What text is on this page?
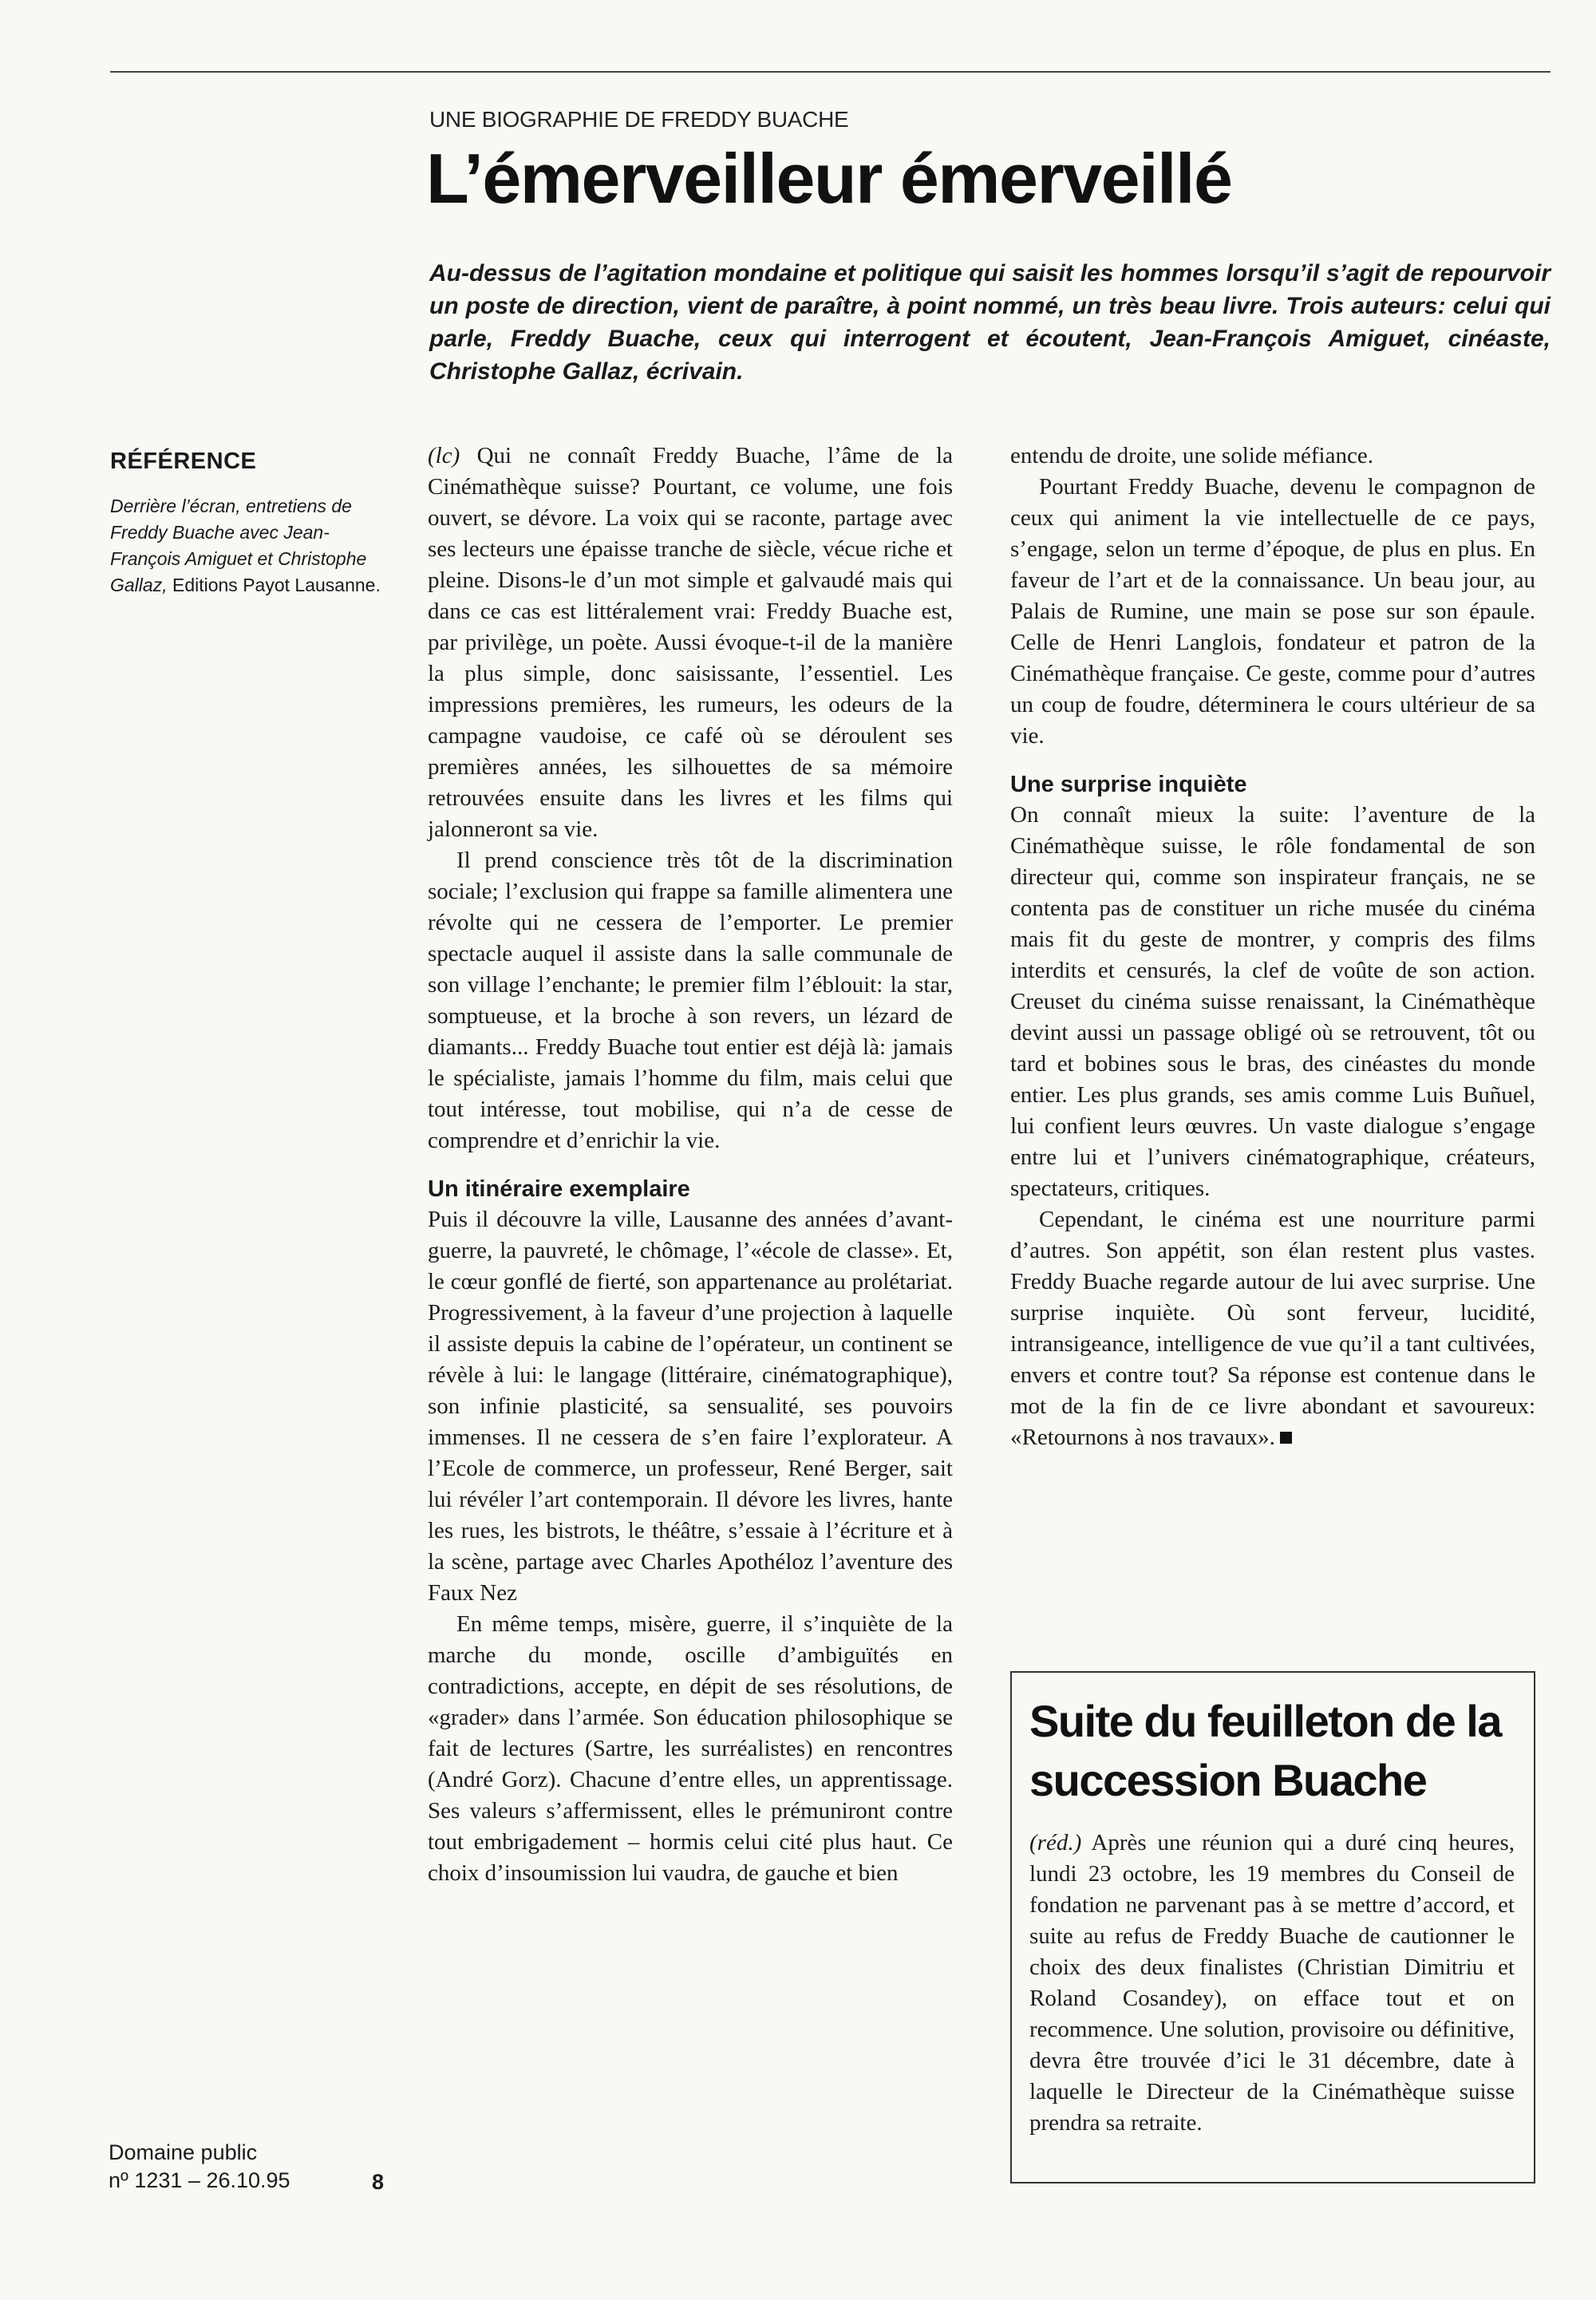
UNE BIOGRAPHIE DE FREDDY BUACHE
L’émerveilleur émerveillé

Au-dessus de l’agitation mondaine et politique qui saisit les hommes lorsqu’il s’agit de repourvoir un poste de direction, vient de paraître, à point nommé, un très beau livre. Trois auteurs: celui qui parle, Freddy Buache, ceux qui interrogent et écoutent, Jean-François Amiguet, cinéaste, Christophe Gallaz, écrivain.

RÉFÉRENCE
Derrière l’écran, entretiens de Freddy Buache avec Jean-François Amiguet et Christophe Gallaz, Editions Payot Lausanne.

(lc) Qui ne connaît Freddy Buache, l’âme de la Cinémathèque suisse? Pourtant, ce volume, une fois ouvert, se dévore. La voix qui se raconte, partage avec ses lecteurs une épaisse tranche de siècle, vécue riche et pleine. Disons-le d’un mot simple et galvaudé mais qui dans ce cas est littéralement vrai: Freddy Buache est, par privilège, un poète. Aussi évoque-t-il de la manière la plus simple, donc saisissante, l’essentiel. Les impressions premières, les rumeurs, les odeurs de la campagne vaudoise, ce café où se déroulent ses premières années, les silhouettes de sa mémoire retrouvées ensuite dans les livres et les films qui jalonneront sa vie.

Il prend conscience très tôt de la discrimination sociale; l’exclusion qui frappe sa famille alimentera une révolte qui ne cessera de l’emporter. Le premier spectacle auquel il assiste dans la salle communale de son village l’enchante; le premier film l’éblouit: la star, somptueuse, et la broche à son revers, un lézard de diamants... Freddy Buache tout entier est déjà là: jamais le spécialiste, jamais l’homme du film, mais celui que tout intéresse, tout mobilise, qui n’a de cesse de comprendre et d’enrichir la vie.

Un itinéraire exemplaire

Puis il découvre la ville, Lausanne des années d’avant-guerre, la pauvreté, le chômage, l’«école de classe». Et, le cœur gonflé de fierté, son appartenance au prolétariat. Progressivement, à la faveur d’une projection à laquelle il assiste depuis la cabine de l’opérateur, un continent se révèle à lui: le langage (littéraire, cinématographique), son infinie plasticité, sa sensualité, ses pouvoirs immenses. Il ne cessera de s’en faire l’explorateur. A l’Ecole de commerce, un professeur, René Berger, sait lui révéler l’art contemporain. Il dévore les livres, hante les rues, les bistrots, le théâtre, s’essaie à l’écriture et à la scène, partage avec Charles Apothéloz l’aventure des Faux Nez

En même temps, misère, guerre, il s’inquiète de la marche du monde, oscille d’ambiguïtés en contradictions, accepte, en dépit de ses résolutions, de «grader» dans l’armée. Son éducation philosophique se fait de lectures (Sartre, les surréalistes) en rencontres (André Gorz). Chacune d’entre elles, un apprentissage. Ses valeurs s’affermissent, elles le prémuniront contre tout embrigadement – hormis celui cité plus haut. Ce choix d’insoumission lui vaudra, de gauche et bien

entendu de droite, une solide méfiance.

Pourtant Freddy Buache, devenu le compagnon de ceux qui animent la vie intellectuelle de ce pays, s’engage, selon un terme d’époque, de plus en plus. En faveur de l’art et de la connaissance. Un beau jour, au Palais de Rumine, une main se pose sur son épaule. Celle de Henri Langlois, fondateur et patron de la Cinémathèque française. Ce geste, comme pour d’autres un coup de foudre, déterminera le cours ultérieur de sa vie.

Une surprise inquiète

On connaît mieux la suite: l’aventure de la Cinémathèque suisse, le rôle fondamental de son directeur qui, comme son inspirateur français, ne se contenta pas de constituer un riche musée du cinéma mais fit du geste de montrer, y compris des films interdits et censurés, la clef de voûte de son action. Creuset du cinéma suisse renaissant, la Cinémathèque devint aussi un passage obligé où se retrouvent, tôt ou tard et bobines sous le bras, des cinéastes du monde entier. Les plus grands, ses amis comme Luis Buñuel, lui confient leurs œuvres. Un vaste dialogue s’engage entre lui et l’univers cinématographique, créateurs, spectateurs, critiques.

Cependant, le cinéma est une nourriture parmi d’autres. Son appétit, son élan restent plus vastes. Freddy Buache regarde autour de lui avec surprise. Une surprise inquiète. Où sont ferveur, lucidité, intransigeance, intelligence de vue qu’il a tant cultivées, envers et contre tout? Sa réponse est contenue dans le mot de la fin de ce livre abondant et savoureux: «Retournons à nos travaux».

Suite du feuilleton de la succession Buache

(réd.) Après une réunion qui a duré cinq heures, lundi 23 octobre, les 19 membres du Conseil de fondation ne parvenant pas à se mettre d’accord, et suite au refus de Freddy Buache de cautionner le choix des deux finalistes (Christian Dimitriu et Roland Cosandey), on efface tout et on recommence. Une solution, provisoire ou définitive, devra être trouvée d’ici le 31 décembre, date à laquelle le Directeur de la Cinémathèque suisse prendra sa retraite.

Domaine public
nº 1231 – 26.10.95	8
